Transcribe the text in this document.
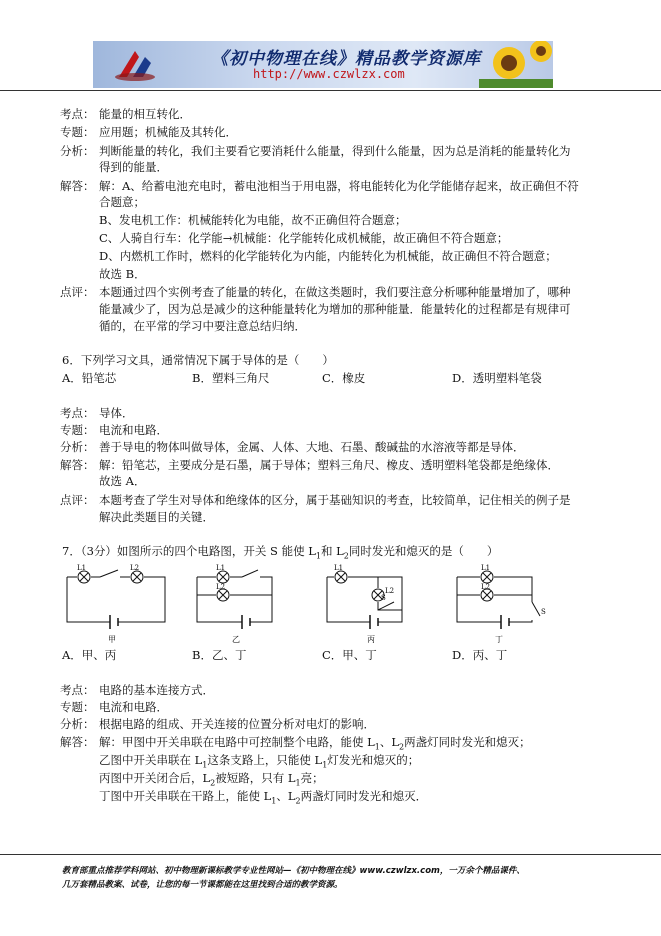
《初中物理在线》精品教学资源库
http://www.czwlzx.com
考点： 能量的相互转化．
专题： 应用题；机械能及其转化．
分析： 判断能量的转化，我们主要看它要消耗什么能量，得到什么能量，因为总是消耗的能量转化为
得到的能量．
解答： 解：A、给蓄电池充电时，蓄电池相当于用电器，将电能转化为化学能储存起来，故正确但不符
合题意；
B、发电机工作：机械能转化为电能，故不正确但符合题意；
C、人骑自行车：化学能→机械能：化学能转化成机械能，故正确但不符合题意；
D、内燃机工作时，燃料的化学能转化为内能，内能转化为机械能，故正确但不符合题意；
故选 B．
点评： 本题通过四个实例考查了能量的转化，在做这类题时，我们要注意分析哪种能量增加了，哪种
能量减少了，因为总是减少的这种能量转化为增加的那种能量．能量转化的过程都是有规律可
循的，在平常的学习中要注意总结归纳．
6．下列学习文具，通常情况下属于导体的是（　　）
A．铅笔芯	B．塑料三角尺	C．橡皮	D．透明塑料笔袋
考点： 导体．
专题： 电流和电路．
分析： 善于导电的物体叫做导体，金属、人体、大地、石墨、酸碱盐的水溶液等都是导体．
解答： 解：铅笔芯，主要成分是石墨，属于导体；塑料三角尺、橡皮、透明塑料笔袋都是绝缘体．
故选 A．
点评： 本题考查了学生对导体和绝缘体的区分，属于基础知识的考查，比较简单，记住相关的例子是
解决此类题目的关键．
7．（3分）如图所示的四个电路图，开关 S 能使 $L_1$和 $L_2$同时发光和熄灭的是（　　）
L1	L2
甲
L1
L2
乙
L1
L2
S
丙
L1
L2
S
丁
A．甲、丙	B．乙、丁	C．甲、丁	D．丙、丁
考点： 电路的基本连接方式．
专题： 电流和电路．
分析： 根据电路的组成、开关连接的位置分析对电灯的影响．
解答： 解：甲图中开关串联在电路中可控制整个电路，能使 $L_1$、$L_2$两盏灯同时发光和熄灭；
乙图中开关串联在 $L_1$这条支路上，只能使 $L_1$灯发光和熄灭的；
丙图中开关闭合后，$L_2$被短路，只有 $L_1$亮；
丁图中开关串联在干路上，能使 $L_1$、$L_2$两盏灯同时发光和熄灭．
教育部重点推荐学科网站、初中物理新课标教学专业性网站—《初中物理在线》www.czwlzx.com，一万余个精品课件、
几万套精品教案、试卷，让您的每一节课都能在这里找到合适的教学资源。
